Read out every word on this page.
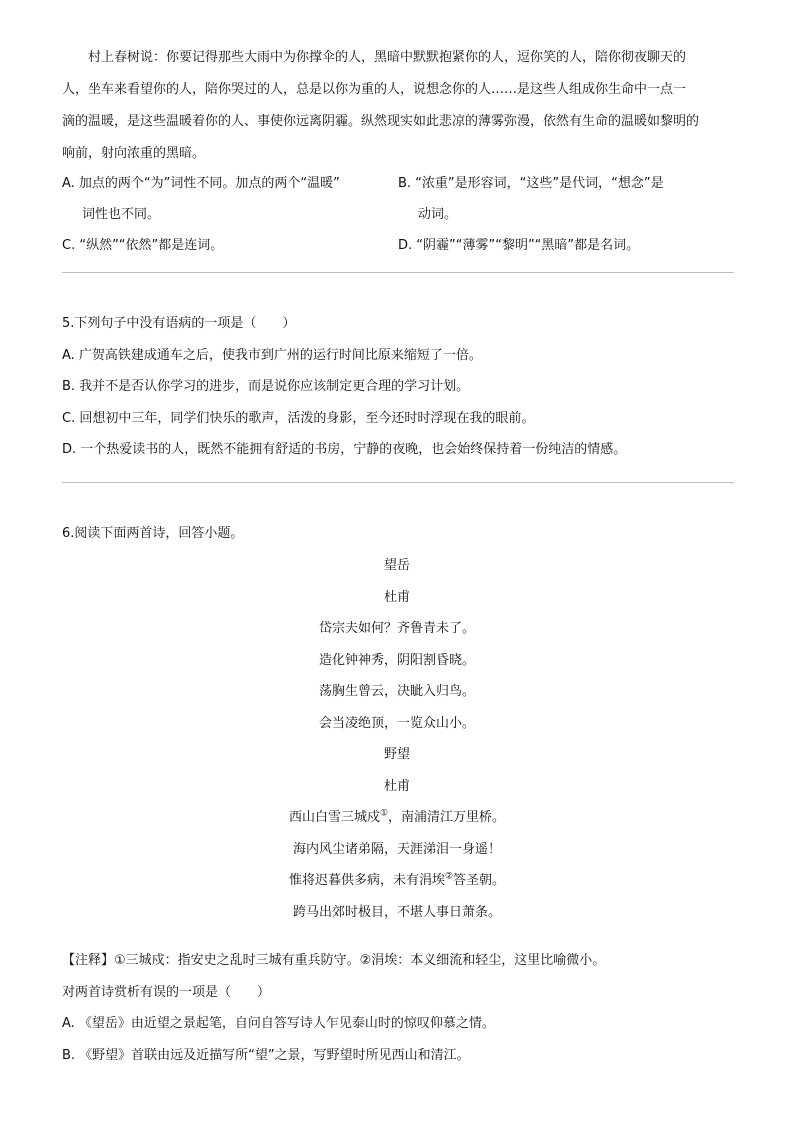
村上春树说：你要记得那些大雨中为你撑伞的人，黑暗中默默抱紧你的人，逗你笑的人，陪你彻夜聊天的
人，坐车来看望你的人，陪你哭过的人，总是以你为重的人，说想念你的人……是这些人组成你生命中一点一
滴的温暖，是这些温暖着你的人、事使你远离阴霾。纵然现实如此悲凉的薄雾弥漫，依然有生命的温暖如黎明的
响前，射向浓重的黑暗。
A. 加点的两个“为”词性不同。加点的两个“温暖”	B. “浓重”是形容词，“这些”是代词，“想念”是
词性也不同。	动词。
C. “纵然”“依然”都是连词。	D. “阴霾”“薄雾”“黎明”“黑暗”都是名词。
5.下列句子中没有语病的一项是（　　）
A. 广贺高铁建成通车之后，使我市到广州的运行时间比原来缩短了一倍。
B. 我并不是否认你学习的进步，而是说你应该制定更合理的学习计划。
C. 回想初中三年，同学们快乐的歌声，活泼的身影，至今还时时浮现在我的眼前。
D. 一个热爱读书的人，既然不能拥有舒适的书房，宁静的夜晚，也会始终保持着一份纯洁的情感。
6.阅读下面两首诗，回答小题。
望岳
杜甫
岱宗夫如何？齐鲁青未了。
造化钟神秀，阴阳割昏晓。
荡胸生曾云，决眦入归鸟。
会当凌绝顶，一览众山小。
野望
杜甫
西山白雪三城戍①，南浦清江万里桥。
海内风尘诸弟隔，天涯涕泪一身遥！
惟将迟暮供多病，未有涓埃②答圣朝。
跨马出郊时极目，不堪人事日萧条。
【注释】①三城戍：指安史之乱时三城有重兵防守。②涓埃：本义细流和轻尘，这里比喻微小。
对两首诗赏析有误的一项是（　　）
A. 《望岳》由近望之景起笔，自问自答写诗人乍见泰山时的惊叹仰慕之情。
B. 《野望》首联由远及近描写所“望”之景，写野望时所见西山和清江。
